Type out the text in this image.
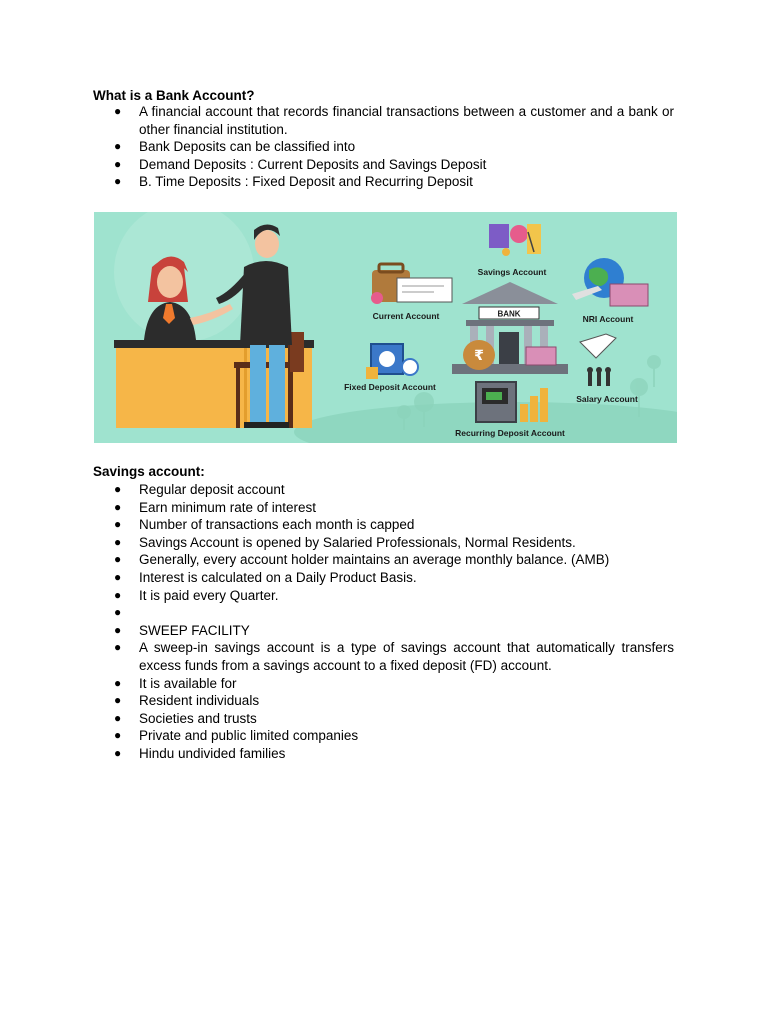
What is a Bank Account?
● A financial account that records financial transactions between a customer and a bank or other financial institution.
● Bank Deposits can be classified into
● Demand Deposits : Current Deposits and Savings Deposit
● B. Time Deposits : Fixed Deposit and Recurring Deposit
BANK
₹
Savings Account
Current Account	NRI Account
Fixed Deposit Account
Salary Account
Recurring Deposit Account
Savings account:
● Regular deposit account
● Earn minimum rate of interest
● Number of transactions each month is capped
● Savings Account is opened by Salaried Professionals, Normal Residents.
● Generally, every account holder maintains an average monthly balance. (AMB)
● Interest is calculated on a Daily Product Basis.
● It is paid every Quarter.
●
● SWEEP FACILITY
● A sweep-in savings account is a type of savings account that automatically transfers excess funds from a savings account to a fixed deposit (FD) account.
● It is available for
● Resident individuals
● Societies and trusts
● Private and public limited companies
● Hindu undivided families
